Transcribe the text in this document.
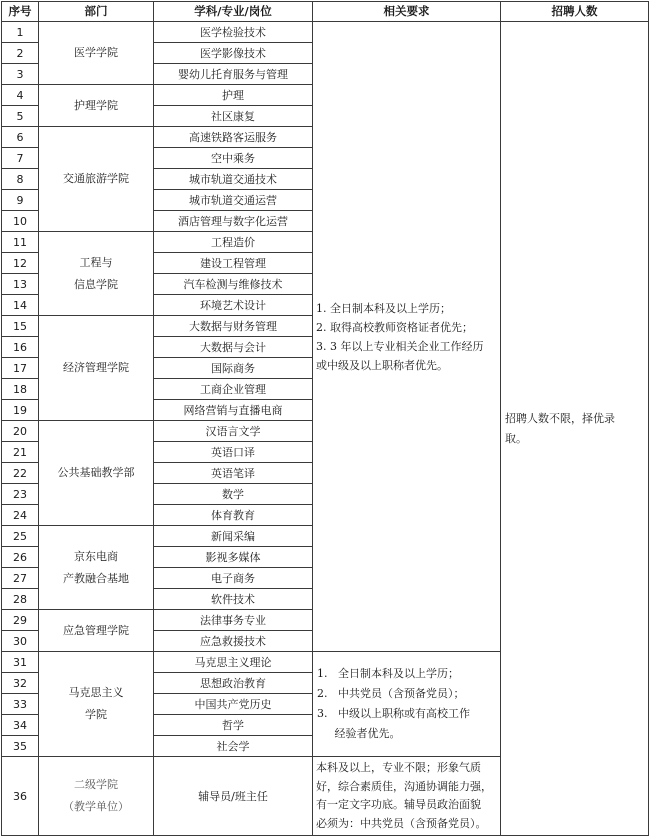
序号	部门	学科/专业/岗位	相关要求	招聘人数
1	医学学院	医学检验技术	1. 全日制本科及以上学历；
2. 取得高校教师资格证者优先；
3. 3 年以上专业相关企业工作经历
或中级及以上职称者优先。	招聘人数不限，择优录
取。

2		医学影像技术		
3		婴幼儿托育服务与管理		
4	护理学院	护理		
5		社区康复		
6	交通旅游学院	高速铁路客运服务		
7		空中乘务		
8		城市轨道交通技术		
9		城市轨道交通运营		
10		酒店管理与数字化运营		
11	工程与
信息学院	工程造价		
12		建设工程管理		
13		汽车检测与维修技术		
14		环境艺术设计		
15	经济管理学院	大数据与财务管理		
16		大数据与会计		
17		国际商务		
18		工商企业管理		
19		网络营销与直播电商		
20	公共基础教学部	汉语言文学		
21		英语口译		
22		英语笔译		
23		数学		
24		体育教育		
25	京东电商
产教融合基地	新闻采编		
26		影视多媒体		
27		电子商务		
28		软件技术		
29	应急管理学院	法律事务专业		
30		应急救援技术		
31	马克思主义
学院	马克思主义理论	1.   全日制本科及以上学历；
2.   中共党员（含预备党员）；
3.   中级以上职称或有高校工作
经验者优先。	

32		思想政治教育		
33		中国共产党历史		
34		哲学		
35		社会学		
36	二级学院
（教学单位）	辅导员/班主任	本科及以上，专业不限；形象气质
好，综合素质佳，沟通协调能力强，
有一定文字功底。辅导员政治面貌
必须为：中共党员（含预备党员）。	
